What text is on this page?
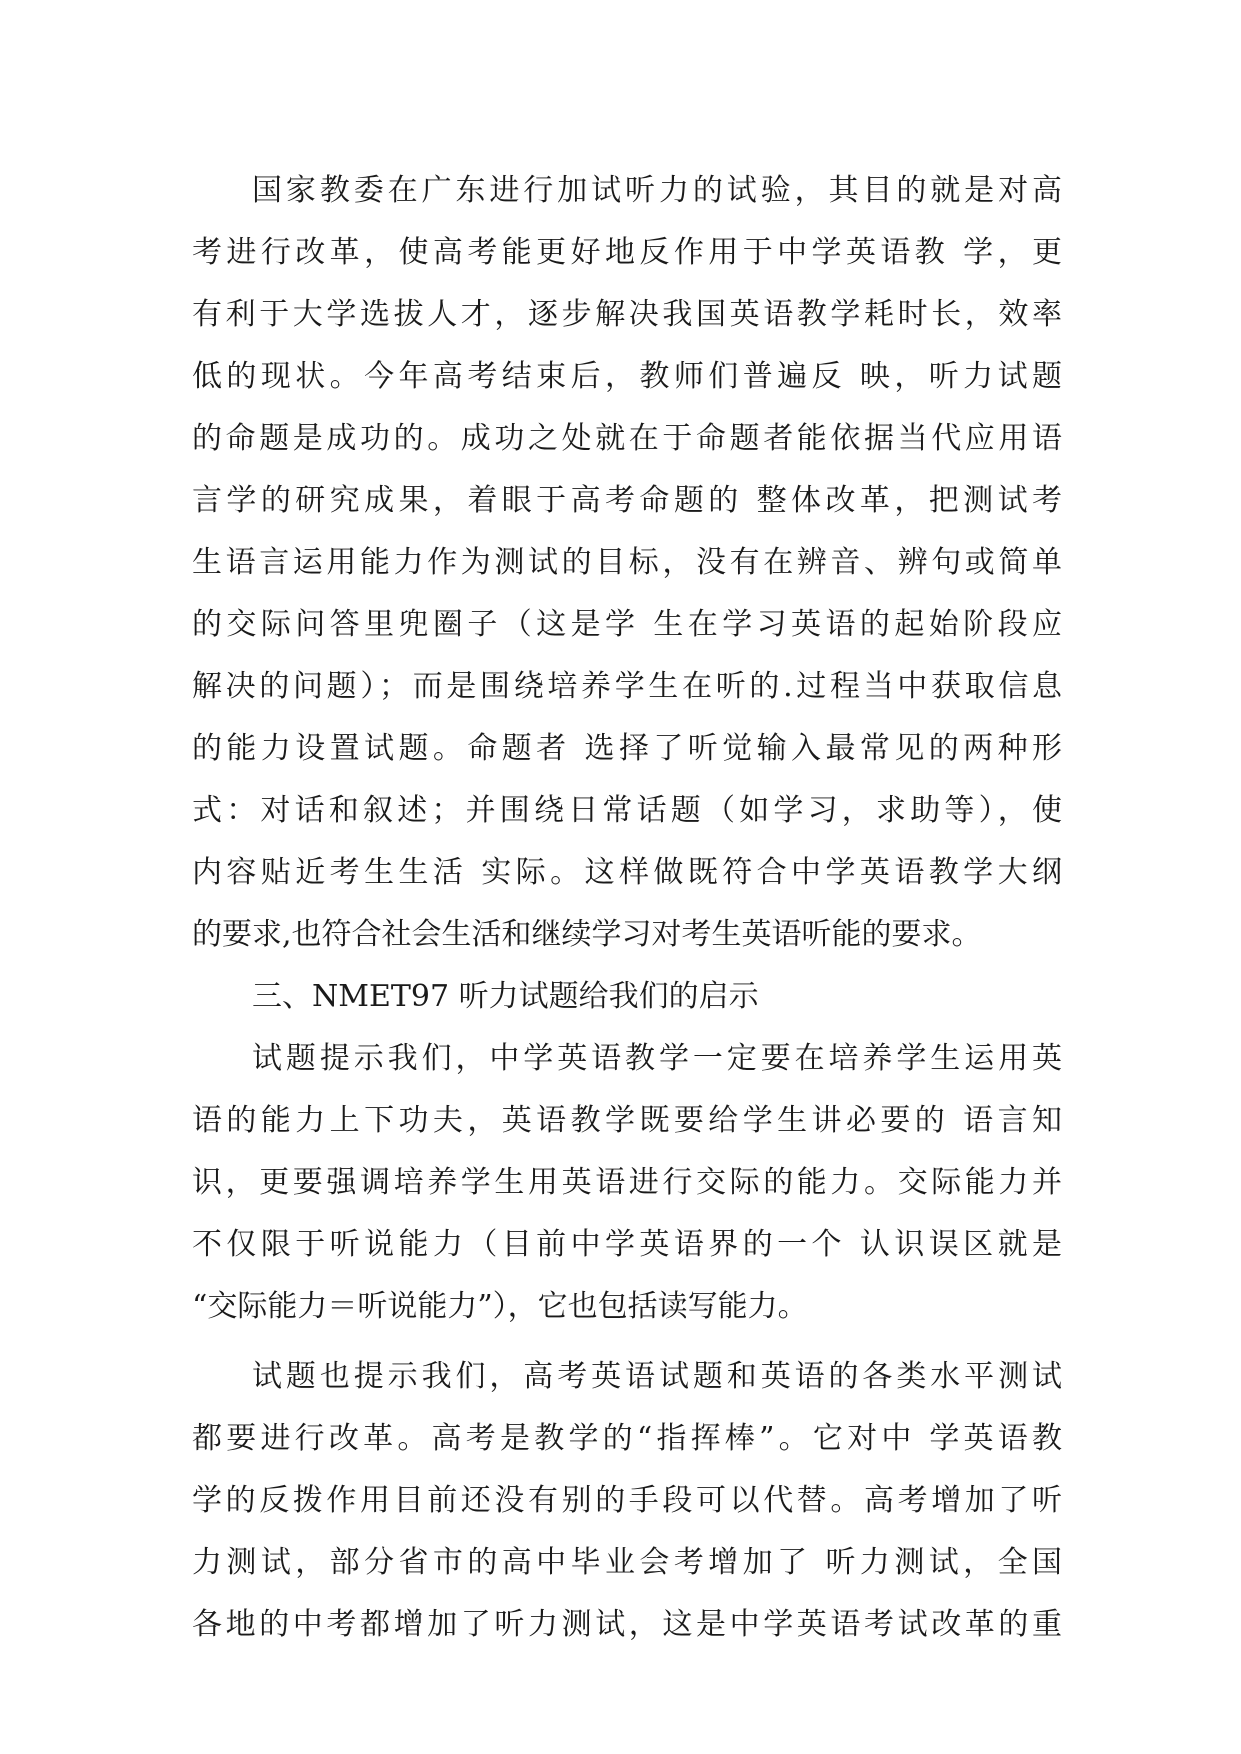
国家教委在广东进行加试听力的试验，其目的就是对高
考进行改革，使高考能更好地反作用于中学英语教 学，更
有利于大学选拔人才，逐步解决我国英语教学耗时长，效率
低的现状。今年高考结束后，教师们普遍反 映，听力试题
的命题是成功的。成功之处就在于命题者能依据当代应用语
言学的研究成果，着眼于高考命题的 整体改革，把测试考
生语言运用能力作为测试的目标，没有在辨音、辨句或简单
的交际问答里兜圈子（这是学 生在学习英语的起始阶段应
解决的问题）；而是围绕培养学生在听的.过程当中获取信息
的能力设置试题。命题者 选择了听觉输入最常见的两种形
式：对话和叙述；并围绕日常话题（如学习，求助等），使
内容贴近考生生活 实际。这样做既符合中学英语教学大纲
的要求,也符合社会生活和继续学习对考生英语听能的要求。
三、NMET97 听力试题给我们的启示
试题提示我们，中学英语教学一定要在培养学生运用英
语的能力上下功夫，英语教学既要给学生讲必要的 语言知
识，更要强调培养学生用英语进行交际的能力。交际能力并
不仅限于听说能力（目前中学英语界的一个 认识误区就是
“交际能力＝听说能力”），它也包括读写能力。
试题也提示我们，高考英语试题和英语的各类水平测试
都要进行改革。高考是教学的“指挥棒”。它对中 学英语教
学的反拨作用目前还没有别的手段可以代替。高考增加了听
力测试，部分省市的高中毕业会考增加了 听力测试，全国
各地的中考都增加了听力测试，这是中学英语考试改革的重
